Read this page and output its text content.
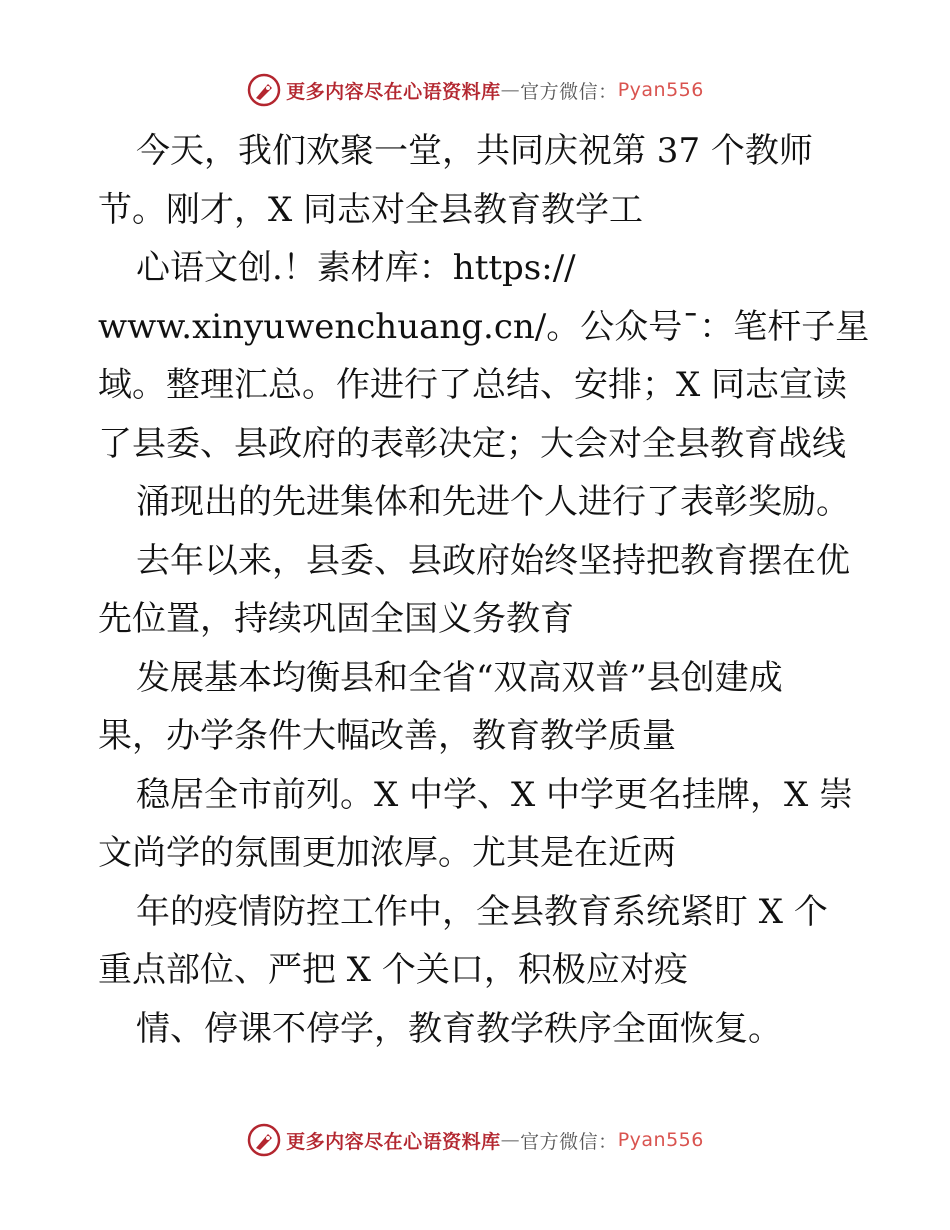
更多内容尽在心语资料库 — 官方微信： Pyan556
今天，我们欢聚一堂，共同庆祝第 37 个教师
节。刚才，X 同志对全县教育教学工
心语文创.！素材库：https://
www.xinyuwenchuang.cn/。公众号¯：笔杆子星
域。整理汇总。作进行了总结、安排；X 同志宣读
了县委、县政府的表彰决定；大会对全县教育战线
涌现出的先进集体和先进个人进行了表彰奖励。
去年以来，县委、县政府始终坚持把教育摆在优
先位置，持续巩固全国义务教育
发展基本均衡县和全省“双高双普”县创建成
果，办学条件大幅改善，教育教学质量
稳居全市前列。X 中学、X 中学更名挂牌，X 崇
文尚学的氛围更加浓厚。尤其是在近两
年的疫情防控工作中，全县教育系统紧盯 X 个
重点部位、严把 X 个关口，积极应对疫
情、停课不停学，教育教学秩序全面恢复。
更多内容尽在心语资料库 — 官方微信： Pyan556
